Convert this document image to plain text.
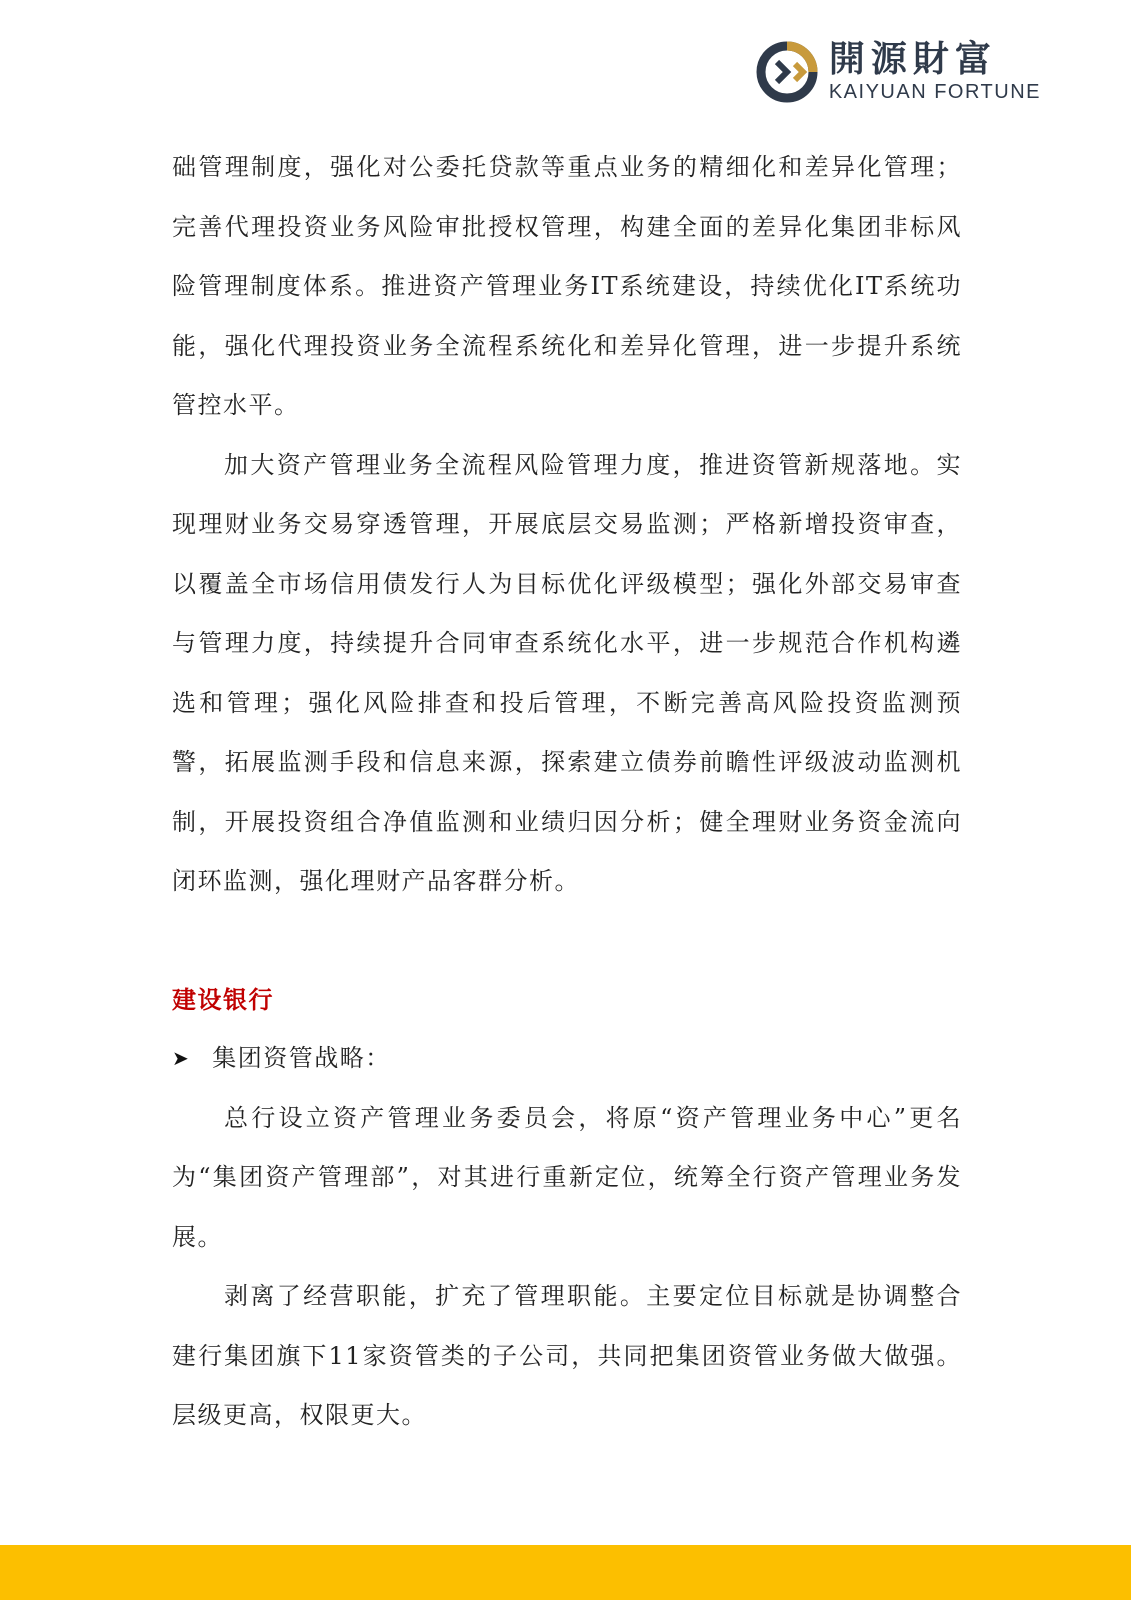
開源財富
KAIYUAN FORTUNE

础管理制度，强化对公委托贷款等重点业务的精细化和差异化管理；完善代理投资业务风险审批授权管理，构建全面的差异化集团非标风险管理制度体系。推进资产管理业务IT系统建设，持续优化IT系统功能，强化代理投资业务全流程系统化和差异化管理，进一步提升系统管控水平。

加大资产管理业务全流程风险管理力度，推进资管新规落地。实现理财业务交易穿透管理，开展底层交易监测；严格新增投资审查，以覆盖全市场信用债发行人为目标优化评级模型；强化外部交易审查与管理力度，持续提升合同审查系统化水平，进一步规范合作机构遴选和管理；强化风险排查和投后管理，不断完善高风险投资监测预警，拓展监测手段和信息来源，探索建立债券前瞻性评级波动监测机制，开展投资组合净值监测和业绩归因分析；健全理财业务资金流向闭环监测，强化理财产品客群分析。

建设银行

➤ 集团资管战略：

总行设立资产管理业务委员会，将原“资产管理业务中心”更名为“集团资产管理部”，对其进行重新定位，统筹全行资产管理业务发展。

剥离了经营职能，扩充了管理职能。主要定位目标就是协调整合建行集团旗下11家资管类的子公司，共同把集团资管业务做大做强。层级更高，权限更大。
